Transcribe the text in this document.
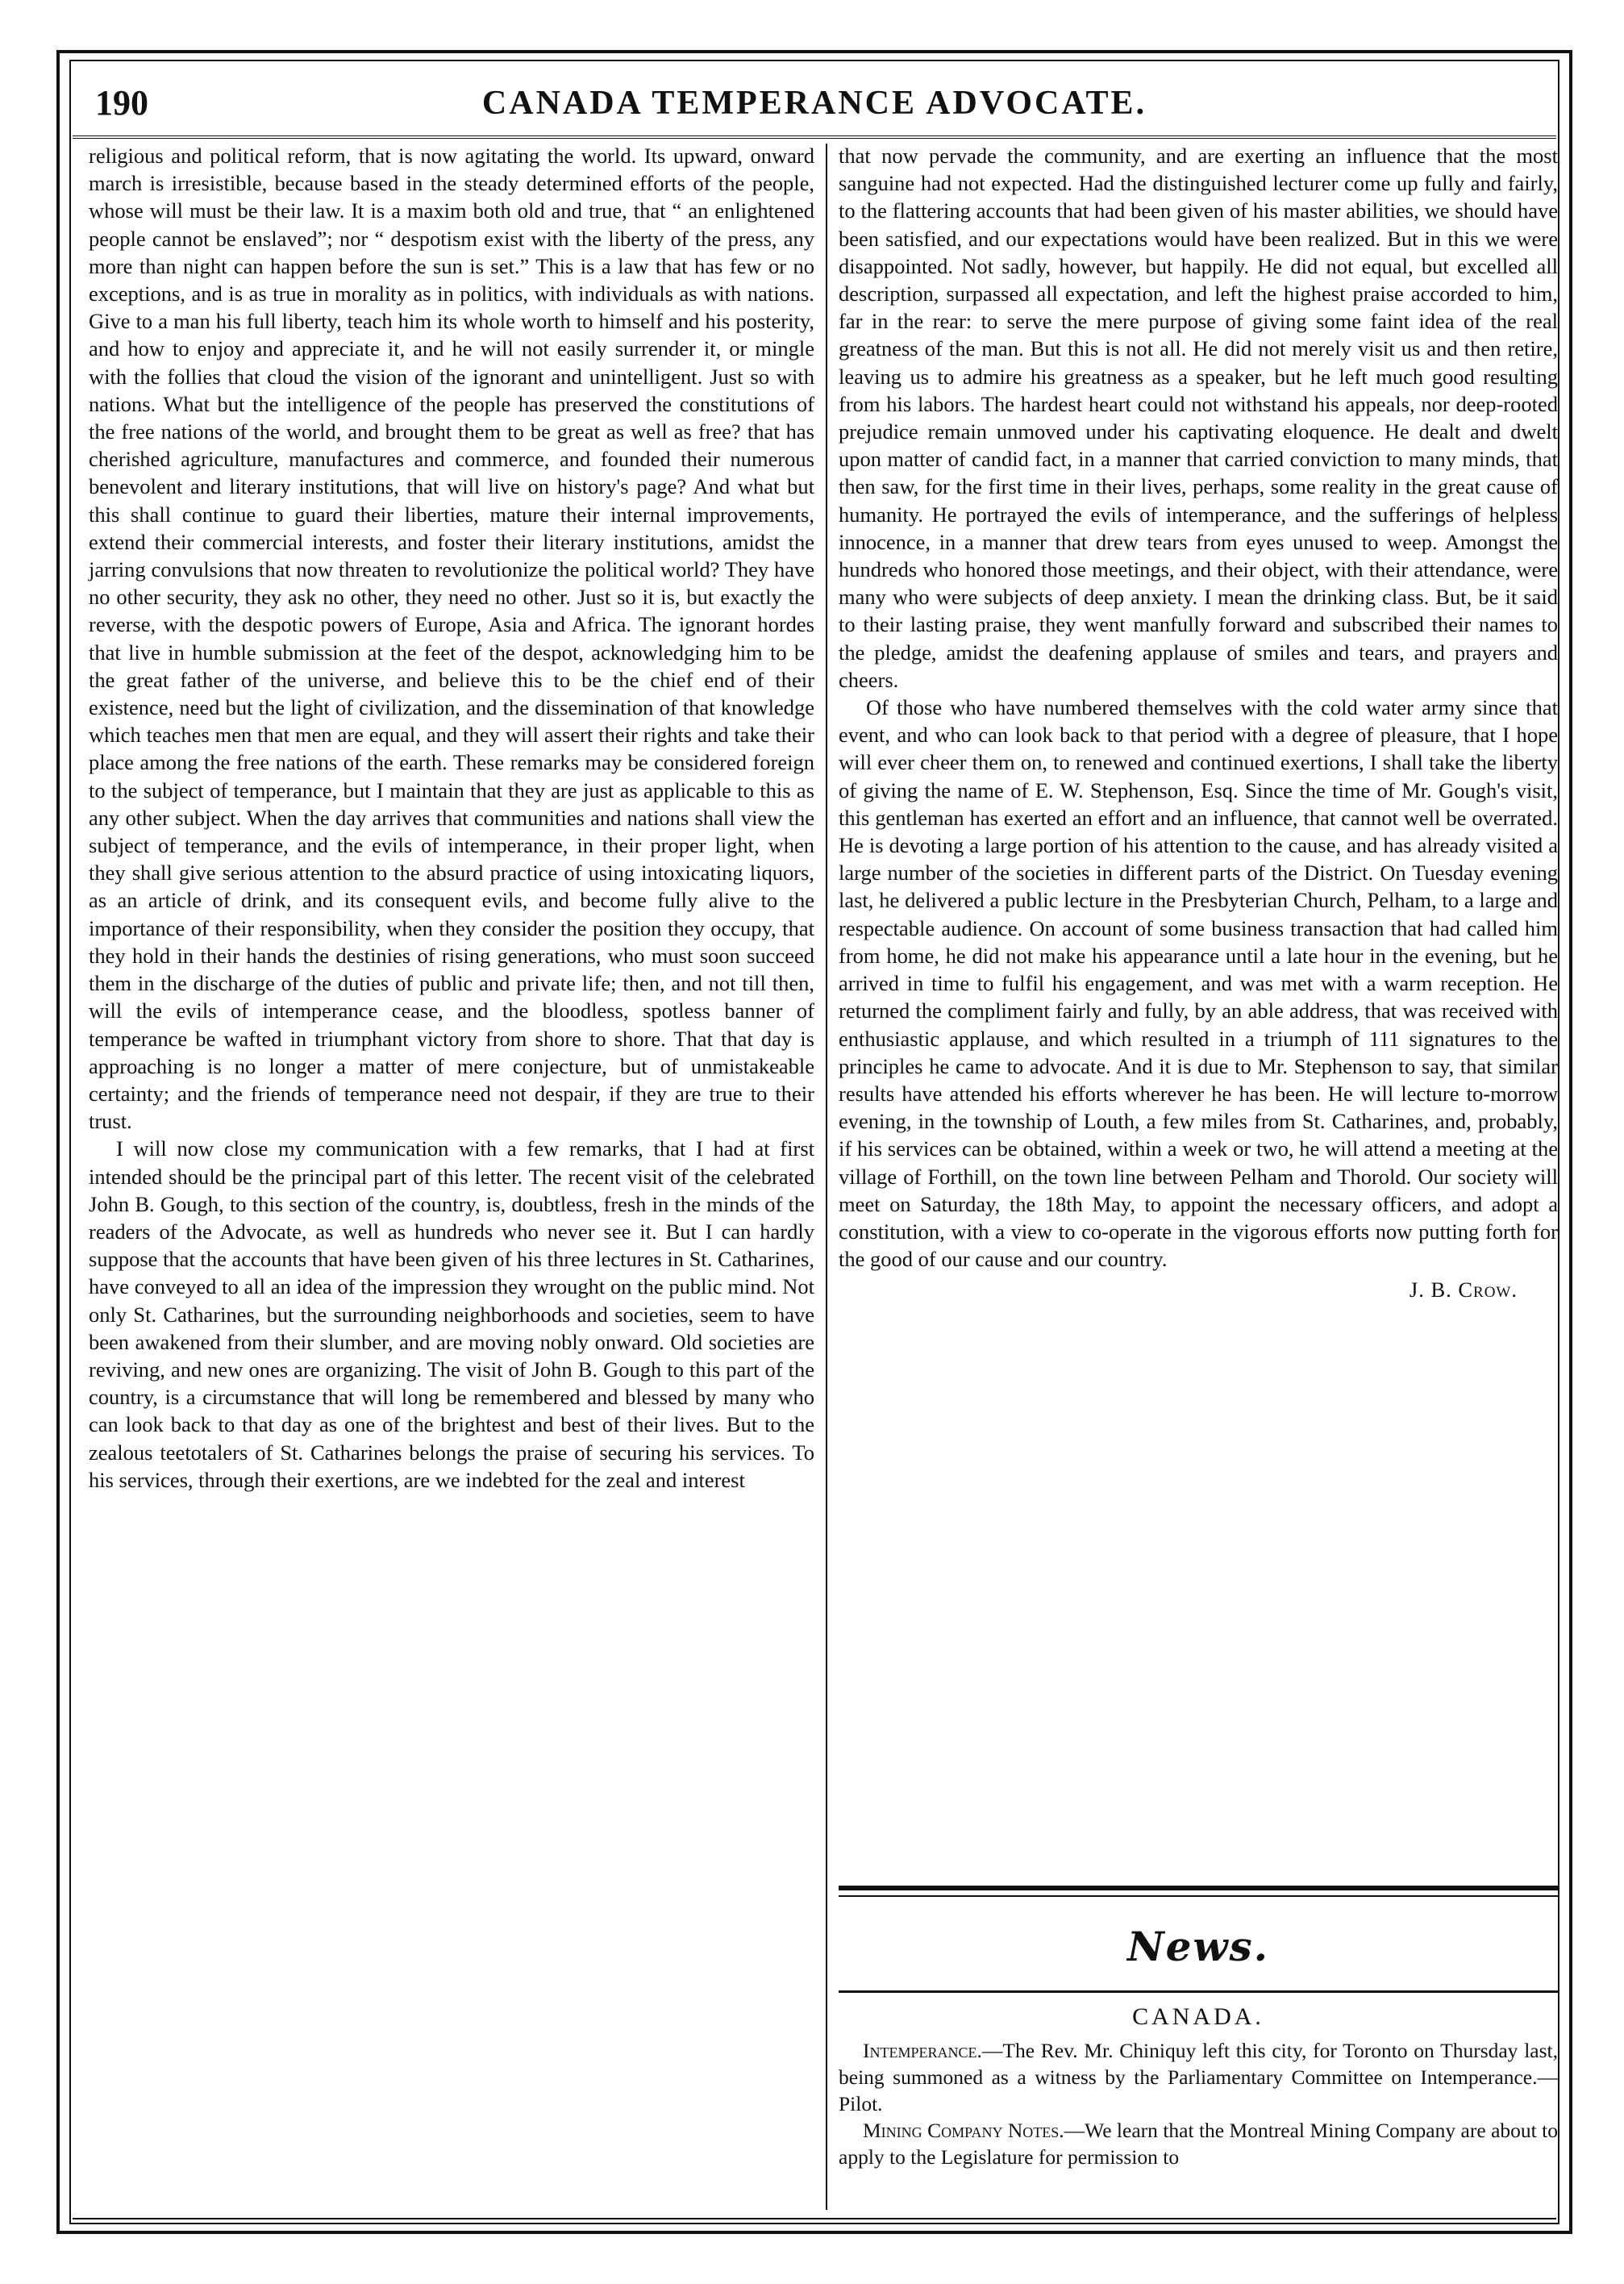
190	CANADA TEMPERANCE ADVOCATE.

religious and political reform, that is now agitating the world. Its upward, onward march is irresistible, because based in the steady determined efforts of the people, whose will must be their law. It is a maxim both old and true, that “ an enlightened people cannot be enslaved”; nor “ despotism exist with the liberty of the press, any more than night can happen before the sun is set.” This is a law that has few or no exceptions, and is as true in morality as in politics, with individuals as with nations. Give to a man his full liberty, teach him its whole worth to himself and his posterity, and how to enjoy and appreciate it, and he will not easily surrender it, or mingle with the follies that cloud the vision of the ignorant and unintelligent. Just so with nations. What but the intelligence of the people has preserved the constitutions of the free nations of the world, and brought them to be great as well as free? that has cherished agriculture, manufactures and commerce, and founded their numerous benevolent and literary institutions, that will live on history's page? And what but this shall continue to guard their liberties, mature their internal improvements, extend their commercial interests, and foster their literary institutions, amidst the jarring convulsions that now threaten to revolutionize the political world? They have no other security, they ask no other, they need no other. Just so it is, but exactly the reverse, with the despotic powers of Europe, Asia and Africa. The ignorant hordes that live in humble submission at the feet of the despot, acknowledging him to be the great father of the universe, and believe this to be the chief end of their existence, need but the light of civilization, and the dissemination of that knowledge which teaches men that men are equal, and they will assert their rights and take their place among the free nations of the earth. These remarks may be considered foreign to the subject of temperance, but I maintain that they are just as applicable to this as any other subject. When the day arrives that communities and nations shall view the subject of temperance, and the evils of intemperance, in their proper light, when they shall give serious attention to the absurd practice of using intoxicating liquors, as an article of drink, and its consequent evils, and become fully alive to the importance of their responsibility, when they consider the position they occupy, that they hold in their hands the destinies of rising generations, who must soon succeed them in the discharge of the duties of public and private life; then, and not till then, will the evils of intemperance cease, and the bloodless, spotless banner of temperance be wafted in triumphant victory from shore to shore. That that day is approaching is no longer a matter of mere conjecture, but of unmistakeable certainty; and the friends of temperance need not despair, if they are true to their trust.

I will now close my communication with a few remarks, that I had at first intended should be the principal part of this letter. The recent visit of the celebrated John B. Gough, to this section of the country, is, doubtless, fresh in the minds of the readers of the Advocate, as well as hundreds who never see it. But I can hardly suppose that the accounts that have been given of his three lectures in St. Catharines, have conveyed to all an idea of the impression they wrought on the public mind. Not only St. Catharines, but the surrounding neighborhoods and societies, seem to have been awakened from their slumber, and are moving nobly onward. Old societies are reviving, and new ones are organizing. The visit of John B. Gough to this part of the country, is a circumstance that will long be remembered and blessed by many who can look back to that day as one of the brightest and best of their lives. But to the zealous teetotalers of St. Catharines belongs the praise of securing his services. To his services, through their exertions, are we indebted for the zeal and interest

that now pervade the community, and are exerting an influence that the most sanguine had not expected. Had the distinguished lecturer come up fully and fairly, to the flattering accounts that had been given of his master abilities, we should have been satisfied, and our expectations would have been realized. But in this we were disappointed. Not sadly, however, but happily. He did not equal, but excelled all description, surpassed all expectation, and left the highest praise accorded to him, far in the rear: to serve the mere purpose of giving some faint idea of the real greatness of the man. But this is not all. He did not merely visit us and then retire, leaving us to admire his greatness as a speaker, but he left much good resulting from his labors. The hardest heart could not withstand his appeals, nor deep-rooted prejudice remain unmoved under his captivating eloquence. He dealt and dwelt upon matter of candid fact, in a manner that carried conviction to many minds, that then saw, for the first time in their lives, perhaps, some reality in the great cause of humanity. He portrayed the evils of intemperance, and the sufferings of helpless innocence, in a manner that drew tears from eyes unused to weep. Amongst the hundreds who honored those meetings, and their object, with their attendance, were many who were subjects of deep anxiety. I mean the drinking class. But, be it said to their lasting praise, they went manfully forward and subscribed their names to the pledge, amidst the deafening applause of smiles and tears, and prayers and cheers.

Of those who have numbered themselves with the cold water army since that event, and who can look back to that period with a degree of pleasure, that I hope will ever cheer them on, to renewed and continued exertions, I shall take the liberty of giving the name of E. W. Stephenson, Esq. Since the time of Mr. Gough's visit, this gentleman has exerted an effort and an influence, that cannot well be overrated. He is devoting a large portion of his attention to the cause, and has already visited a large number of the societies in different parts of the District. On Tuesday evening last, he delivered a public lecture in the Presbyterian Church, Pelham, to a large and respectable audience. On account of some business transaction that had called him from home, he did not make his appearance until a late hour in the evening, but he arrived in time to fulfil his engagement, and was met with a warm reception. He returned the compliment fairly and fully, by an able address, that was received with enthusiastic applause, and which resulted in a triumph of 111 signatures to the principles he came to advocate. And it is due to Mr. Stephenson to say, that similar results have attended his efforts wherever he has been. He will lecture to-morrow evening, in the township of Louth, a few miles from St. Catharines, and, probably, if his services can be obtained, within a week or two, he will attend a meeting at the village of Forthill, on the town line between Pelham and Thorold. Our society will meet on Saturday, the 18th May, to appoint the necessary officers, and adopt a constitution, with a view to co-operate in the vigorous efforts now putting forth for the good of our cause and our country.

J. B. Crow.

News.
CANADA.

Intemperance.—The Rev. Mr. Chiniquy left this city, for Toronto on Thursday last, being summoned as a witness by the Parliamentary Committee on Intemperance.—Pilot.

Mining Company Notes.—We learn that the Montreal Mining Company are about to apply to the Legislature for permission to
